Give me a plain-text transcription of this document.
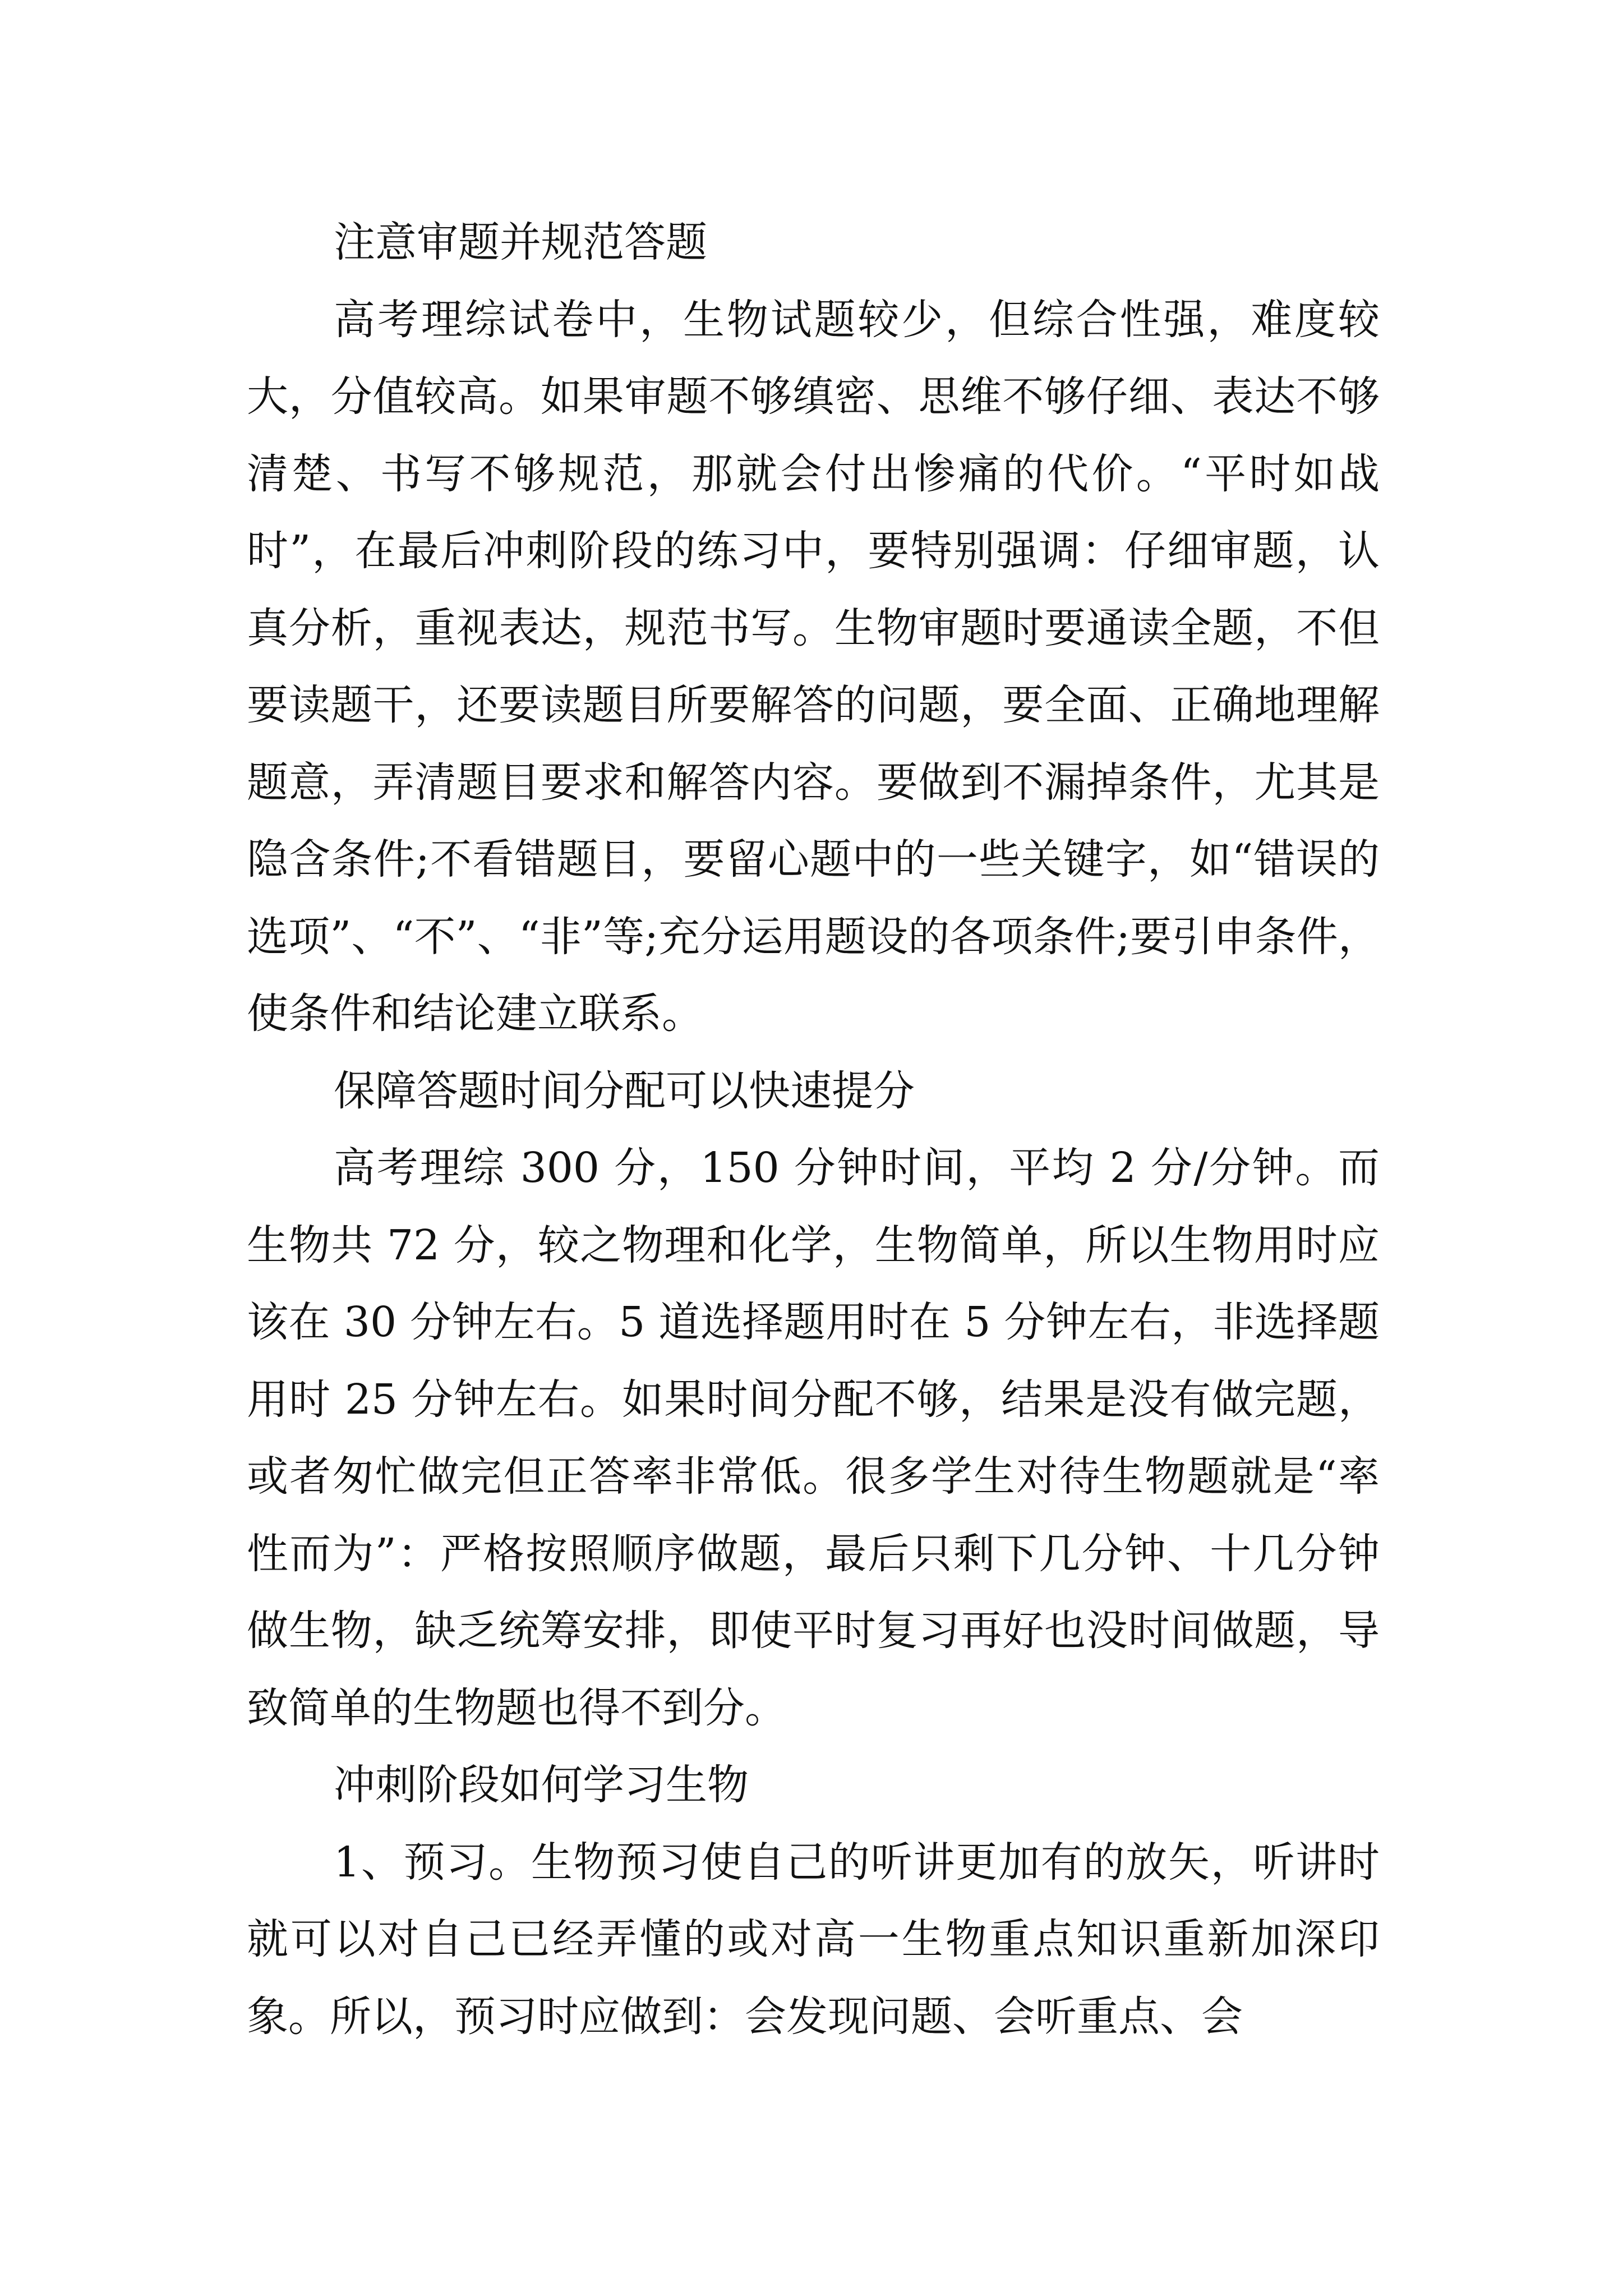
注意审题并规范答题

高考理综试卷中，生物试题较少，但综合性强，难度较大，分值较高。如果审题不够缜密、思维不够仔细、表达不够清楚、书写不够规范，那就会付出惨痛的代价。“平时如战时”，在最后冲刺阶段的练习中，要特别强调：仔细审题，认真分析，重视表达，规范书写。生物审题时要通读全题，不但要读题干，还要读题目所要解答的问题，要全面、正确地理解题意，弄清题目要求和解答内容。要做到不漏掉条件，尤其是隐含条件;不看错题目，要留心题中的一些关键字，如“错误的选项”、“不”、“非”等;充分运用题设的各项条件;要引申条件，使条件和结论建立联系。

保障答题时间分配可以快速提分

高考理综 300 分，150 分钟时间，平均 2 分/分钟。而生物共 72 分，较之物理和化学，生物简单，所以生物用时应该在 30 分钟左右。5 道选择题用时在 5 分钟左右，非选择题用时 25 分钟左右。如果时间分配不够，结果是没有做完题，或者匆忙做完但正答率非常低。很多学生对待生物题就是“率性而为”：严格按照顺序做题，最后只剩下几分钟、十几分钟做生物，缺乏统筹安排，即使平时复习再好也没时间做题，导致简单的生物题也得不到分。

冲刺阶段如何学习生物

1、预习。生物预习使自己的听讲更加有的放矢，听讲时就可以对自己已经弄懂的或对高一生物重点知识重新加深印象。所以，预习时应做到：会发现问题、会听重点、会
